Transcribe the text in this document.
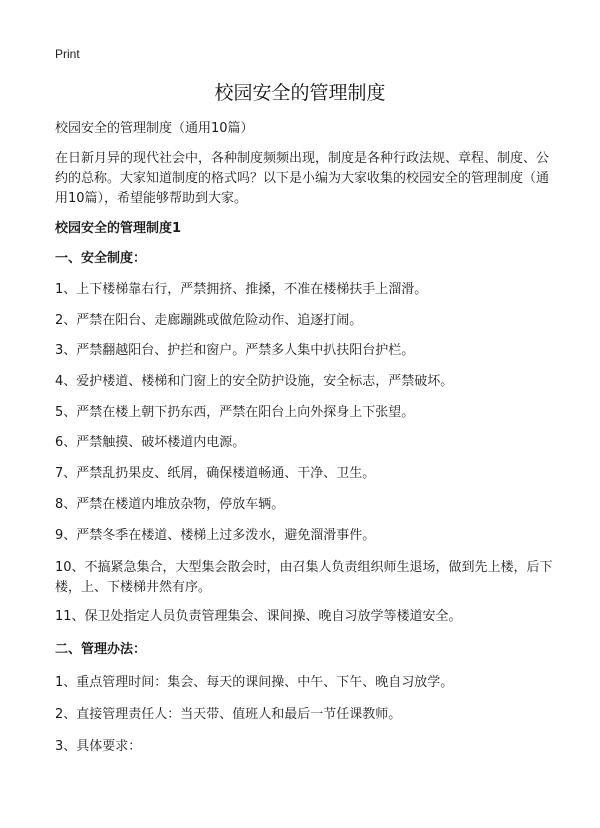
Print
校园安全的管理制度

校园安全的管理制度（通用10篇）

在日新月异的现代社会中，各种制度频频出现，制度是各种行政法规、章程、制度、公约的总称。大家知道制度的格式吗？以下是小编为大家收集的校园安全的管理制度（通用10篇），希望能够帮助到大家。

校园安全的管理制度1

一、安全制度：

1、上下楼梯靠右行，严禁拥挤、推搡，不准在楼梯扶手上溜滑。

2、严禁在阳台、走廊蹦跳或做危险动作、追逐打闹。

3、严禁翻越阳台、护拦和窗户。严禁多人集中扒扶阳台护栏。

4、爱护楼道、楼梯和门窗上的安全防护设施，安全标志，严禁破坏。

5、严禁在楼上朝下扔东西，严禁在阳台上向外探身上下张望。

6、严禁触摸、破坏楼道内电源。

7、严禁乱扔果皮、纸屑，确保楼道畅通、干净、卫生。

8、严禁在楼道内堆放杂物，停放车辆。

9、严禁冬季在楼道、楼梯上过多泼水，避免溜滑事件。

10、不搞紧急集合，大型集会散会时，由召集人负责组织师生退场，做到先上楼，后下楼，上、下楼梯井然有序。

11、保卫处指定人员负责管理集会、课间操、晚自习放学等楼道安全。

二、管理办法：

1、重点管理时间：集会、每天的课间操、中午、下午、晚自习放学。

2、直接管理责任人：当天带、值班人和最后一节任课教师。

3、具体要求：
